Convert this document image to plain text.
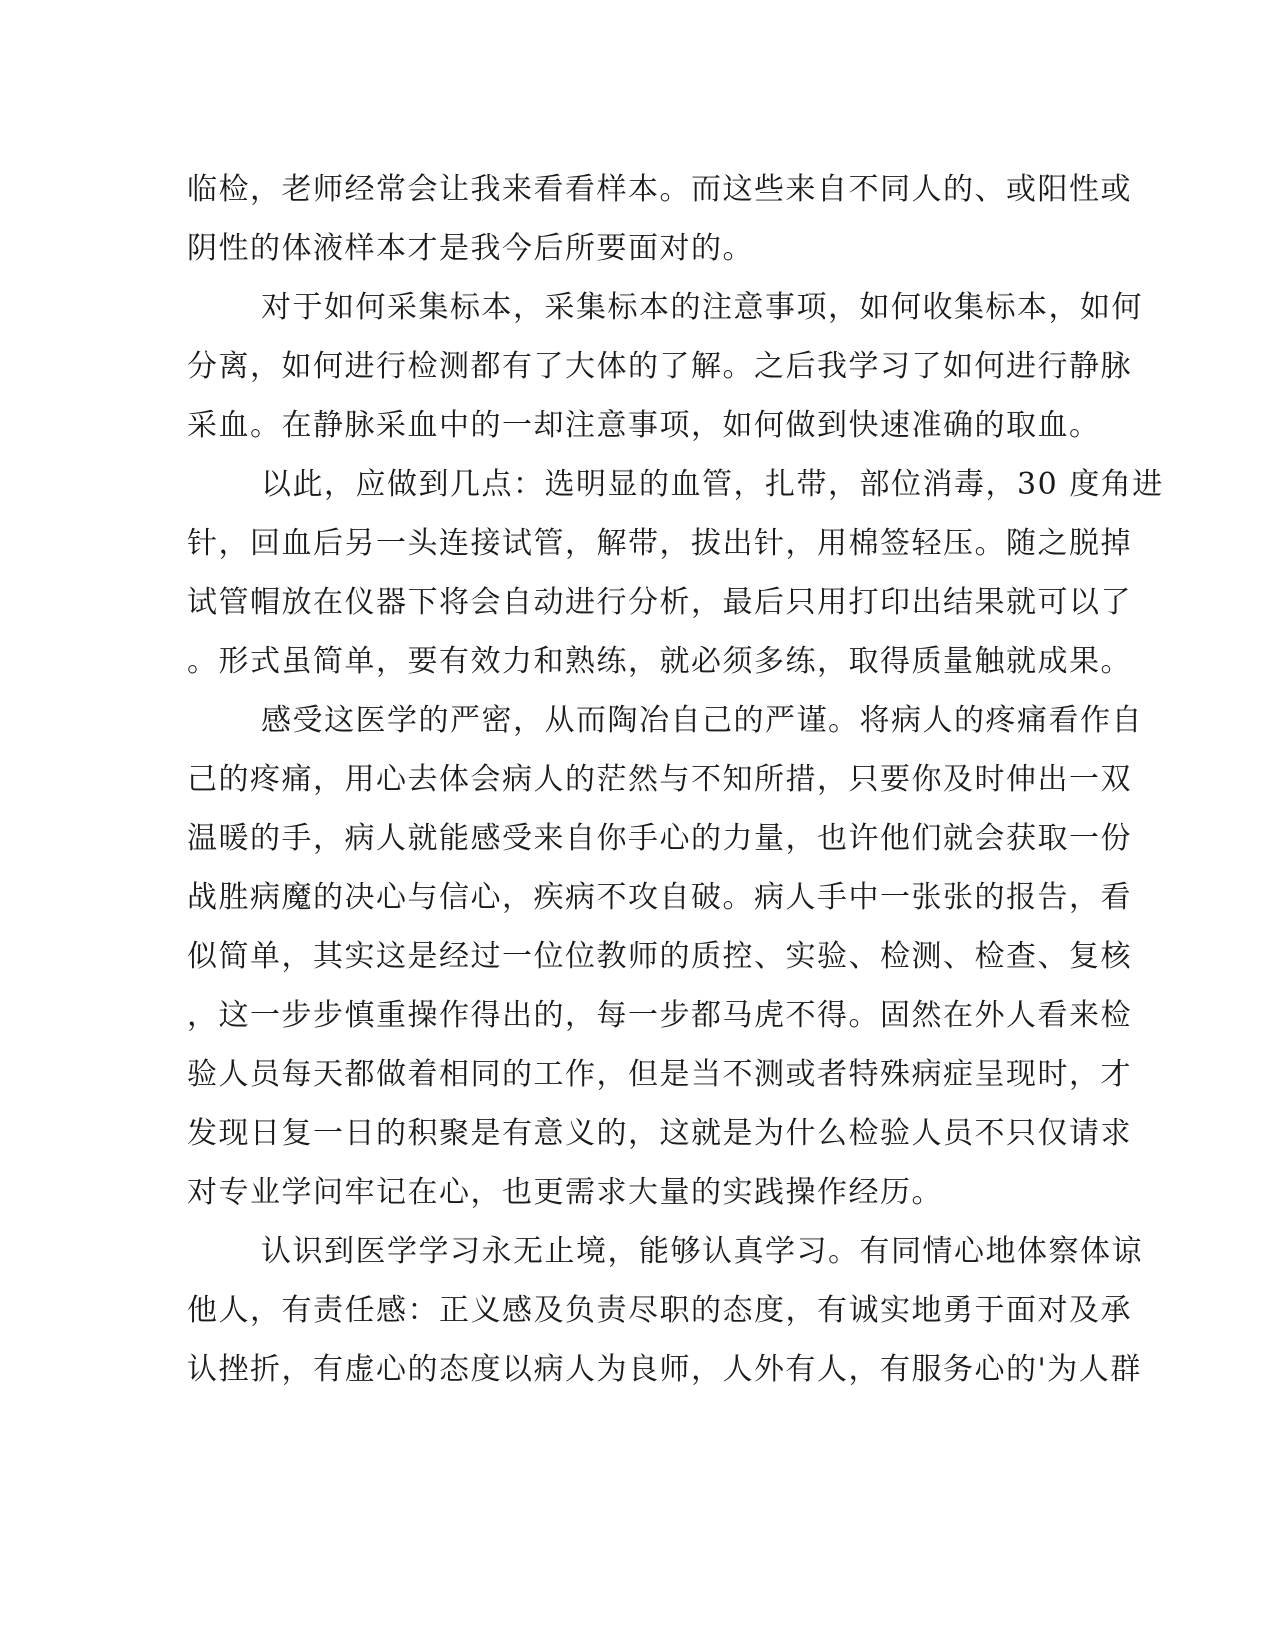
临检，老师经常会让我来看看样本。而这些来自不同人的、或阳性或
阴性的体液样本才是我今后所要面对的。
对于如何采集标本，采集标本的注意事项，如何收集标本，如何
分离，如何进行检测都有了大体的了解。之后我学习了如何进行静脉
采血。在静脉采血中的一却注意事项，如何做到快速准确的取血。
以此，应做到几点：选明显的血管，扎带，部位消毒，30 度角进
针，回血后另一头连接试管，解带，拔出针，用棉签轻压。随之脱掉
试管帽放在仪器下将会自动进行分析，最后只用打印出结果就可以了
。形式虽简单，要有效力和熟练，就必须多练，取得质量触就成果。
感受这医学的严密，从而陶冶自己的严谨。将病人的疼痛看作自
己的疼痛，用心去体会病人的茫然与不知所措，只要你及时伸出一双
温暖的手，病人就能感受来自你手心的力量，也许他们就会获取一份
战胜病魔的决心与信心，疾病不攻自破。病人手中一张张的报告，看
似简单，其实这是经过一位位教师的质控、实验、检测、检查、复核
，这一步步慎重操作得出的，每一步都马虎不得。固然在外人看来检
验人员每天都做着相同的工作，但是当不测或者特殊病症呈现时，才
发现日复一日的积聚是有意义的，这就是为什么检验人员不只仅请求
对专业学问牢记在心，也更需求大量的实践操作经历。
认识到医学学习永无止境，能够认真学习。有同情心地体察体谅
他人，有责任感：正义感及负责尽职的态度，有诚实地勇于面对及承
认挫折，有虚心的态度以病人为良师，人外有人，有服务心的'为人群
